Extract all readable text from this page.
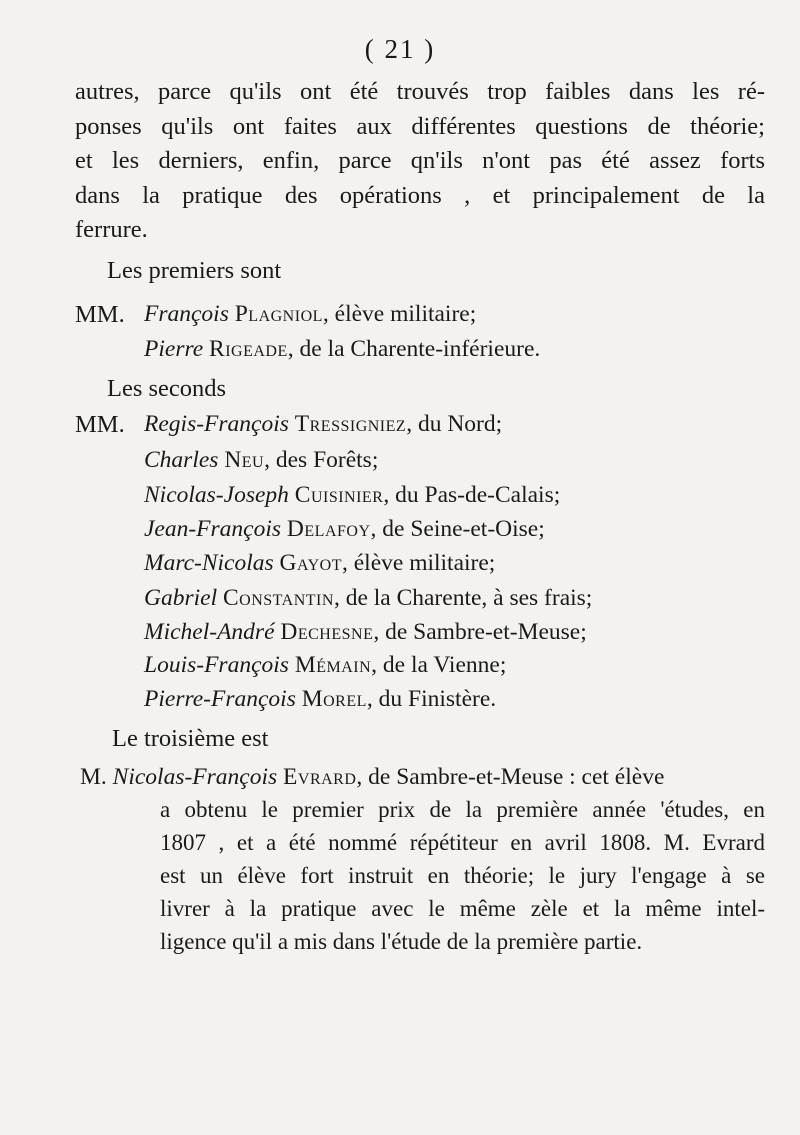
( 21 )
autres, parce qu'ils ont été trouvés trop faibles dans les ré-
ponses qu'ils ont faites aux différentes questions de théorie;
et les derniers, enfin, parce qn'ils n'ont pas été assez forts
dans la pratique des opérations , et principalement de la
ferrure.
Les premiers sont
MM. François Plagniol, élève militaire;
Pierre Rigeade, de la Charente-inférieure.
Les seconds
MM. Regis-François Tressigniez, du Nord;
Charles Neu, des Forêts;
Nicolas-Joseph Cuisinier, du Pas-de-Calais;
Jean-François Delafoy, de Seine-et-Oise;
Marc-Nicolas Gayot, élève militaire;
Gabriel Constantin, de la Charente, à ses frais;
Michel-André Dechesne, de Sambre-et-Meuse;
Louis-François Mémain, de la Vienne;
Pierre-François Morel, du Finistère.
Le troisième est
M. Nicolas-François Evrard, de Sambre-et-Meuse : cet élève
a obtenu le premier prix de la première année 'études, en
1807 , et a été nommé répétiteur en avril 1808. M. Evrard
est un élève fort instruit en théorie; le jury l'engage à se
livrer à la pratique avec le même zèle et la même intel-
ligence qu'il a mis dans l'étude de la première partie.
